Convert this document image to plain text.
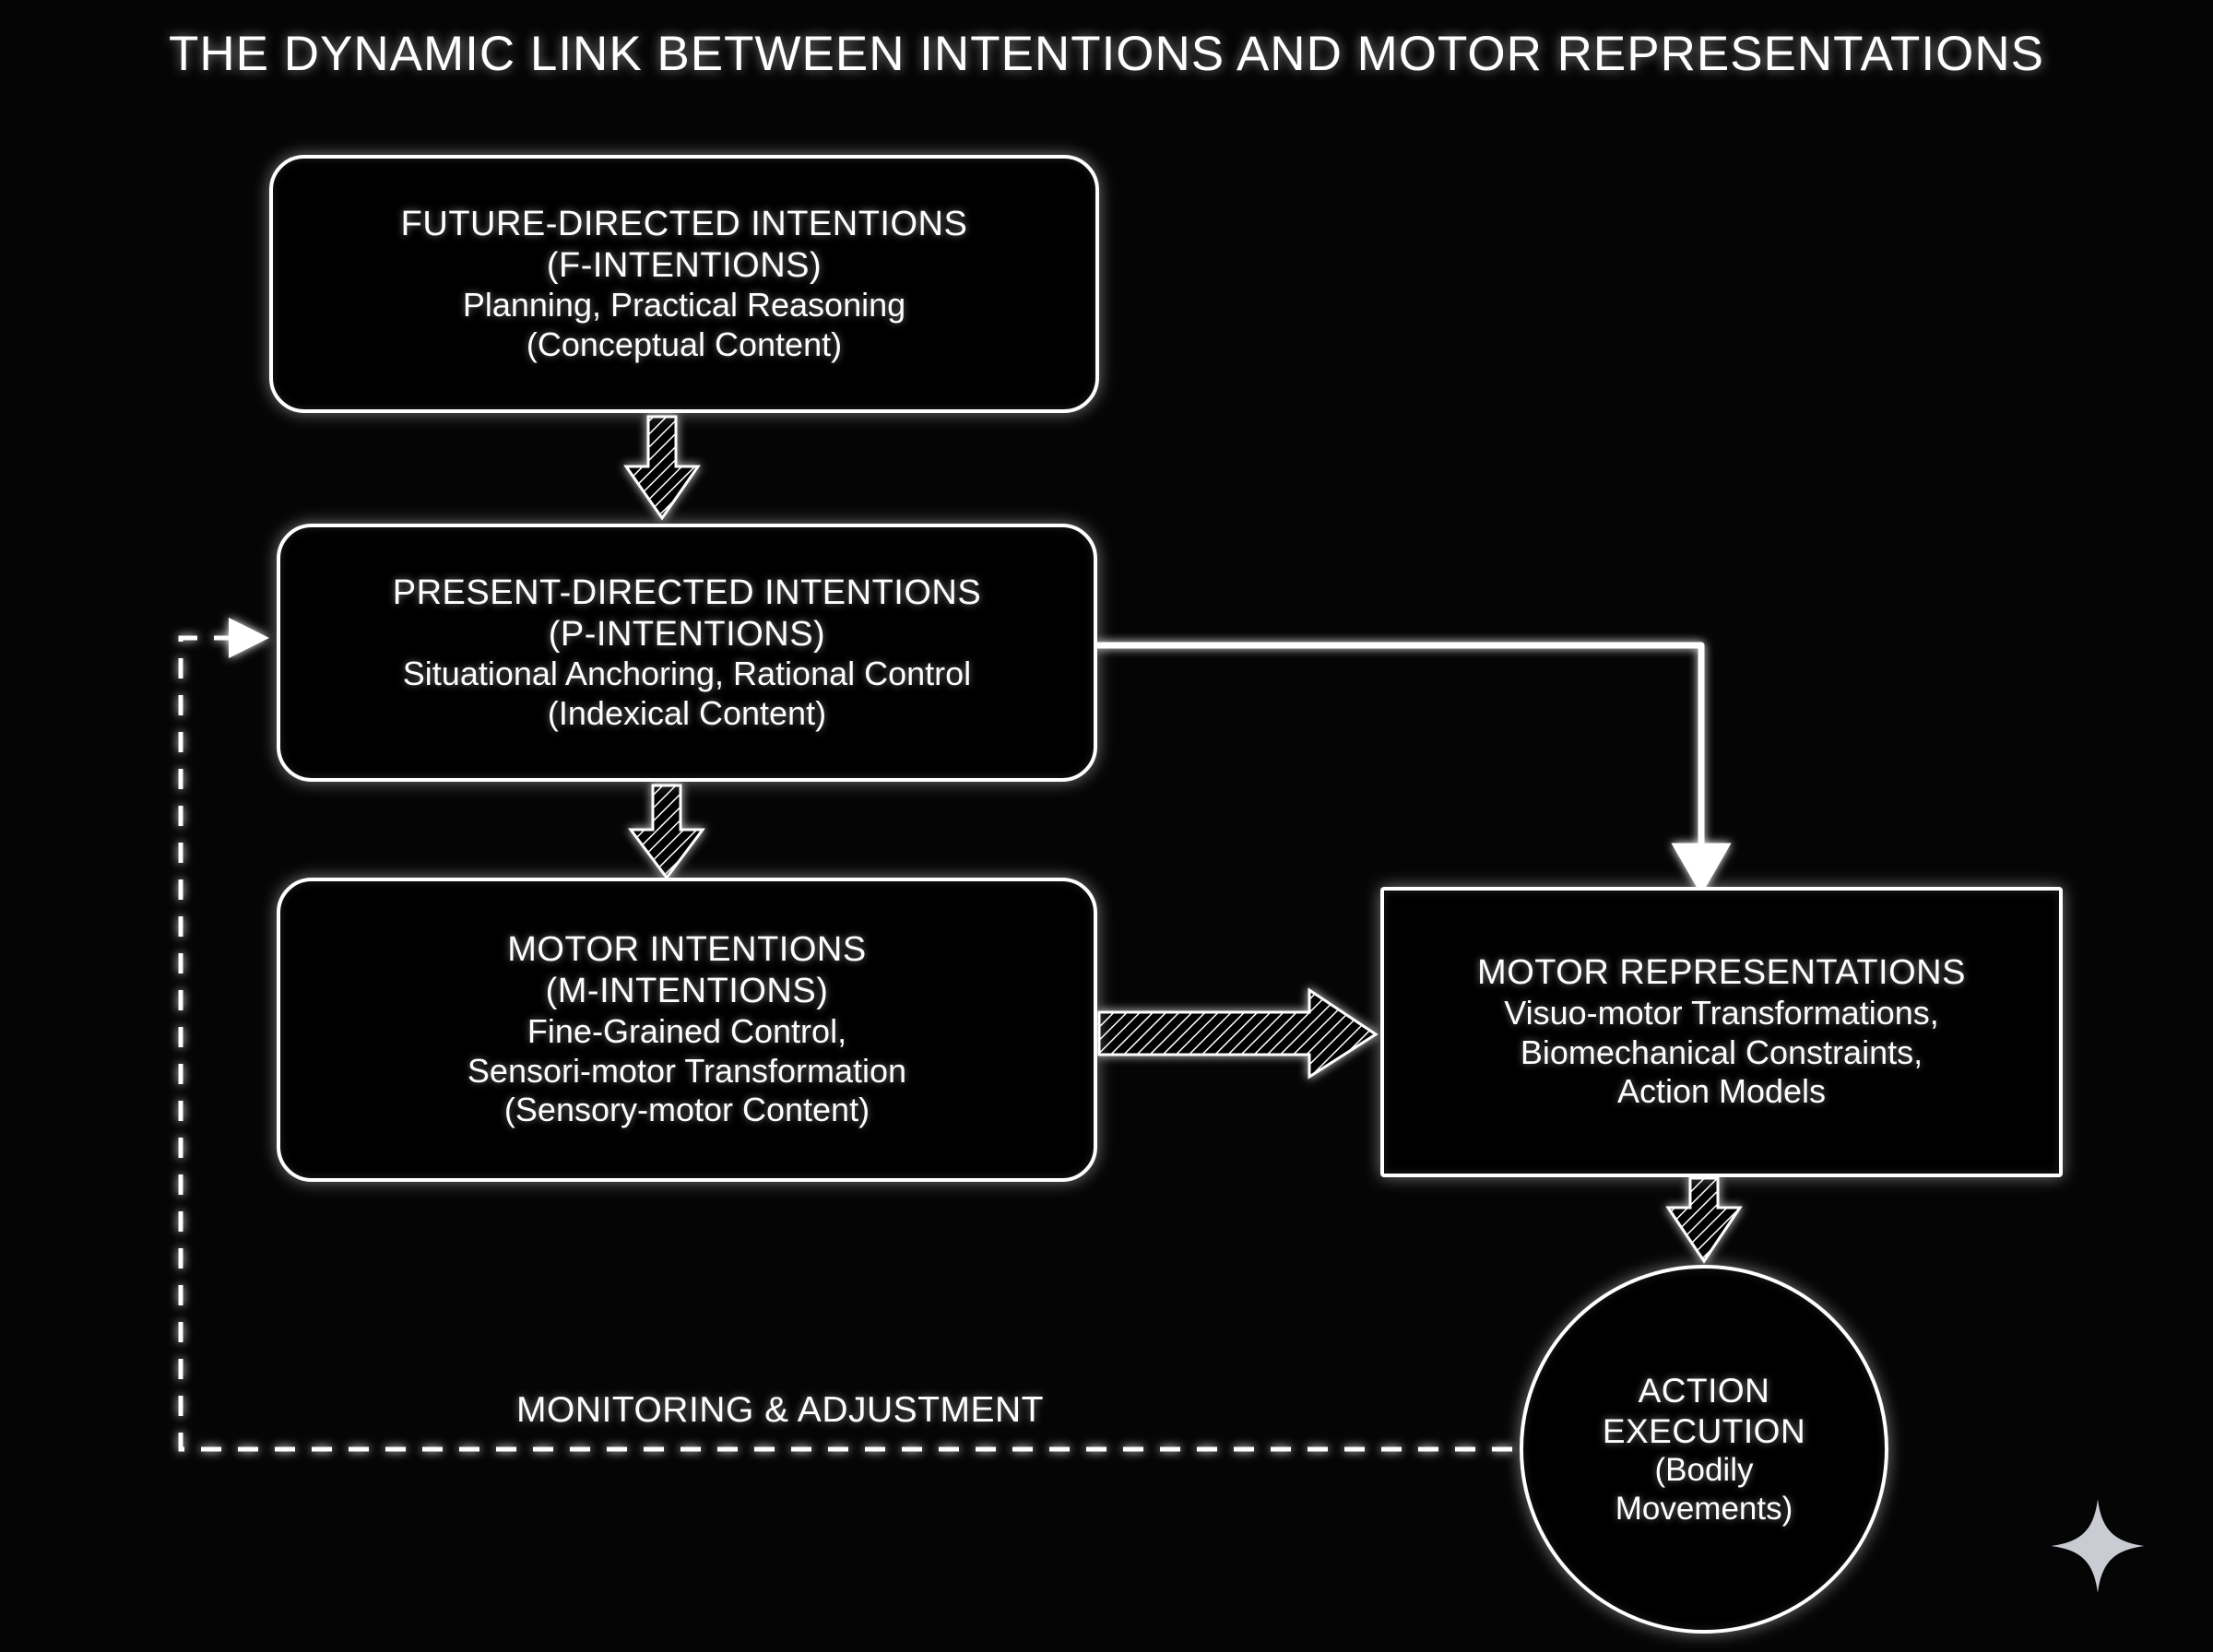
THE DYNAMIC LINK BETWEEN INTENTIONS AND MOTOR REPRESENTATIONS
FUTURE-DIRECTED INTENTIONS
(F-INTENTIONS)
Planning, Practical Reasoning
(Conceptual Content)
PRESENT-DIRECTED INTENTIONS
(P-INTENTIONS)
Situational Anchoring, Rational Control
(Indexical Content)
MOTOR INTENTIONS
(M-INTENTIONS)
Fine-Grained Control,
Sensori-motor Transformation
(Sensory-motor Content)
MOTOR REPRESENTATIONS
Visuo-motor Transformations,
Biomechanical Constraints,
Action Models
ACTION
EXECUTION
(Bodily
Movements)
MONITORING & ADJUSTMENT
